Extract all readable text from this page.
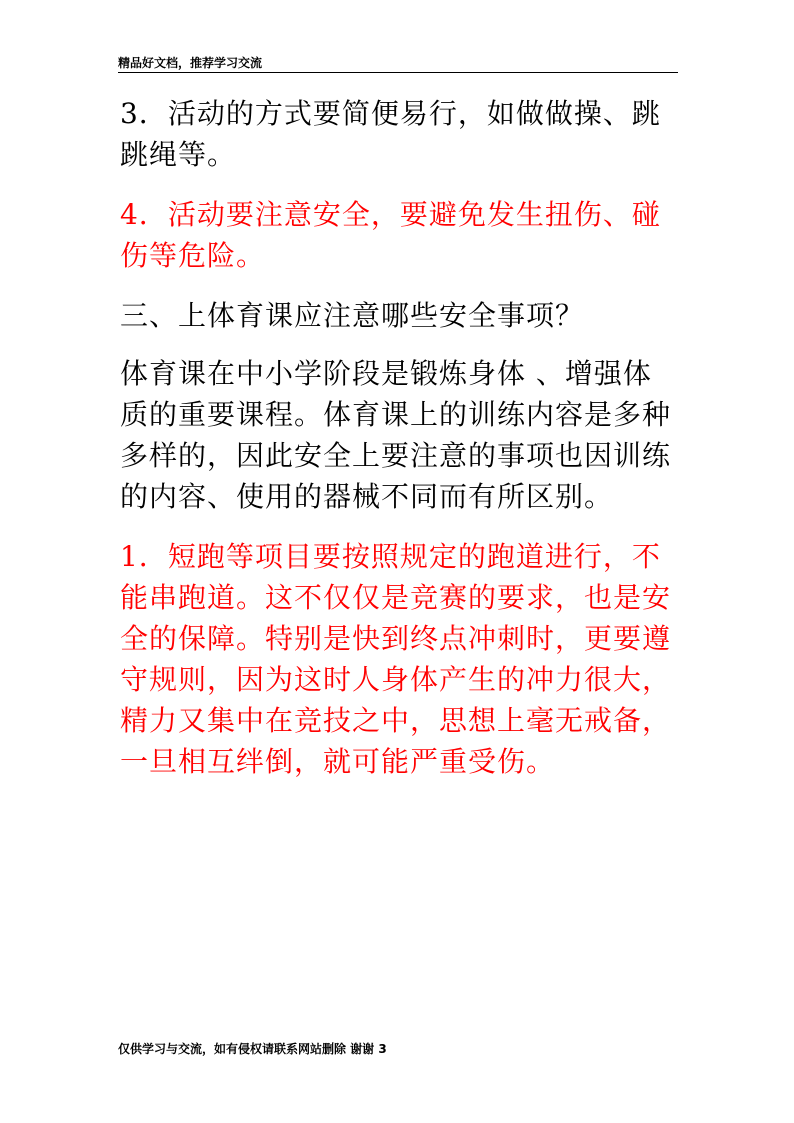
精品好文档，推荐学习交流

3．活动的方式要简便易行，如做做操、跳跳绳等。

4．活动要注意安全，要避免发生扭伤、碰伤等危险。

三、上体育课应注意哪些安全事项？

体育课在中小学阶段是锻炼身体 、增强体质的重要课程。体育课上的训练内容是多种多样的，因此安全上要注意的事项也因训练的内容、使用的器械不同而有所区别。

1．短跑等项目要按照规定的跑道进行，不能串跑道。这不仅仅是竞赛的要求，也是安全的保障。特别是快到终点冲刺时，更要遵守规则，因为这时人身体产生的冲力很大，精力又集中在竞技之中，思想上毫无戒备，一旦相互绊倒，就可能严重受伤。

仅供学习与交流，如有侵权请联系网站删除 谢谢 3
